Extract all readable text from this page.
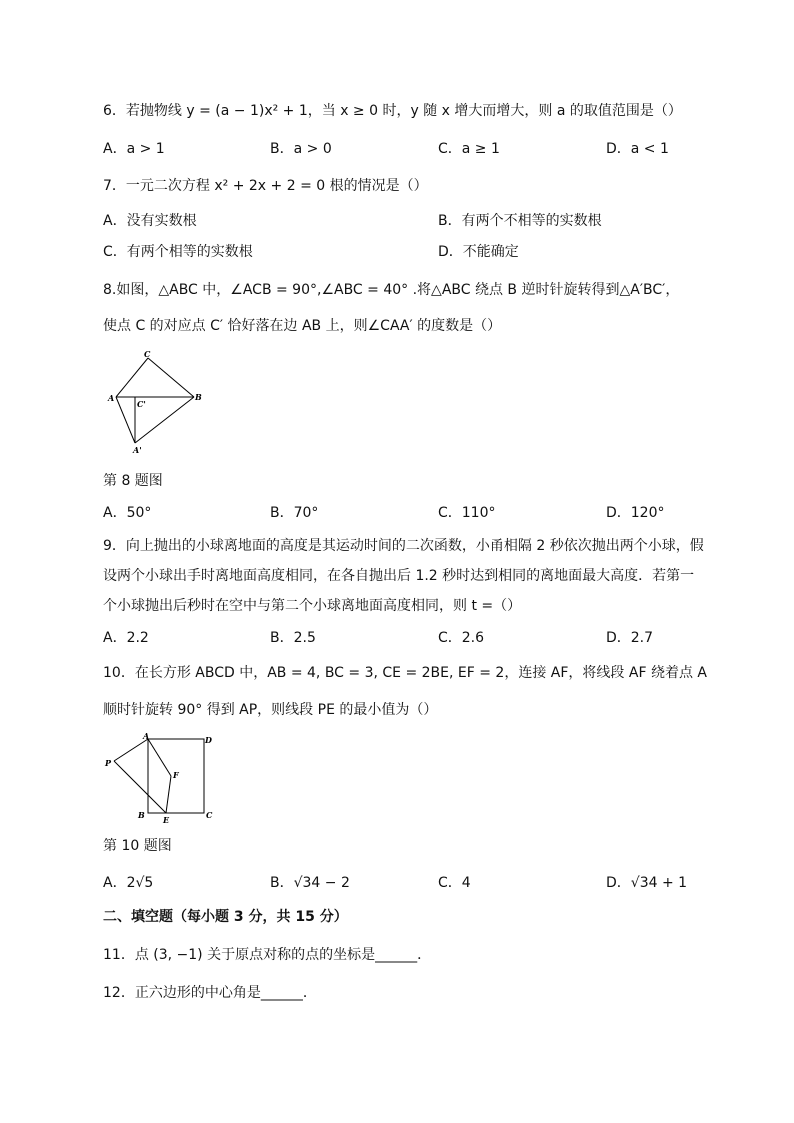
6．若抛物线 y = (a − 1)x² + 1，当 x ≥ 0 时，y 随 x 增大而增大，则 a 的取值范围是（）
A．a > 1	B．a > 0	C．a ≥ 1	D．a < 1
7．一元二次方程 x² + 2x + 2 = 0 根的情况是（）
A．没有实数根	B．有两个不相等的实数根
C．有两个相等的实数根	D．不能确定
8.如图，△ABC 中，∠ACB = 90°,∠ABC = 40° .将△ABC 绕点 B 逆时针旋转得到△A′BC′，
使点 C 的对应点 C′ 恰好落在边 AB 上，则∠CAA′ 的度数是（）
C
A
C'
B
A'
第 8 题图
A．50°	B．70°	C．110°	D．120°
9．向上抛出的小球离地面的高度是其运动时间的二次函数，小甬相隔 2 秒依次抛出两个小球，假
设两个小球出手时离地面高度相同，在各自抛出后 1.2 秒时达到相同的离地面最大高度．若第一
个小球抛出后秒时在空中与第二个小球离地面高度相同，则 t =（）
A．2.2	B．2.5	C．2.6	D．2.7
10．在长方形 ABCD 中，AB = 4, BC = 3, CE = 2BE, EF = 2，连接 AF，将线段 AF 绕着点 A
顺时针旋转 90° 得到 AP，则线段 PE 的最小值为（）
A	D
P
F
B E	C
第 10 题图
A．2√5	B．√34 − 2	C．4	D．√34 + 1
二、填空题（每小题 3 分，共 15 分）
11．点 (3, −1) 关于原点对称的点的坐标是______．
12．正六边形的中心角是______．
